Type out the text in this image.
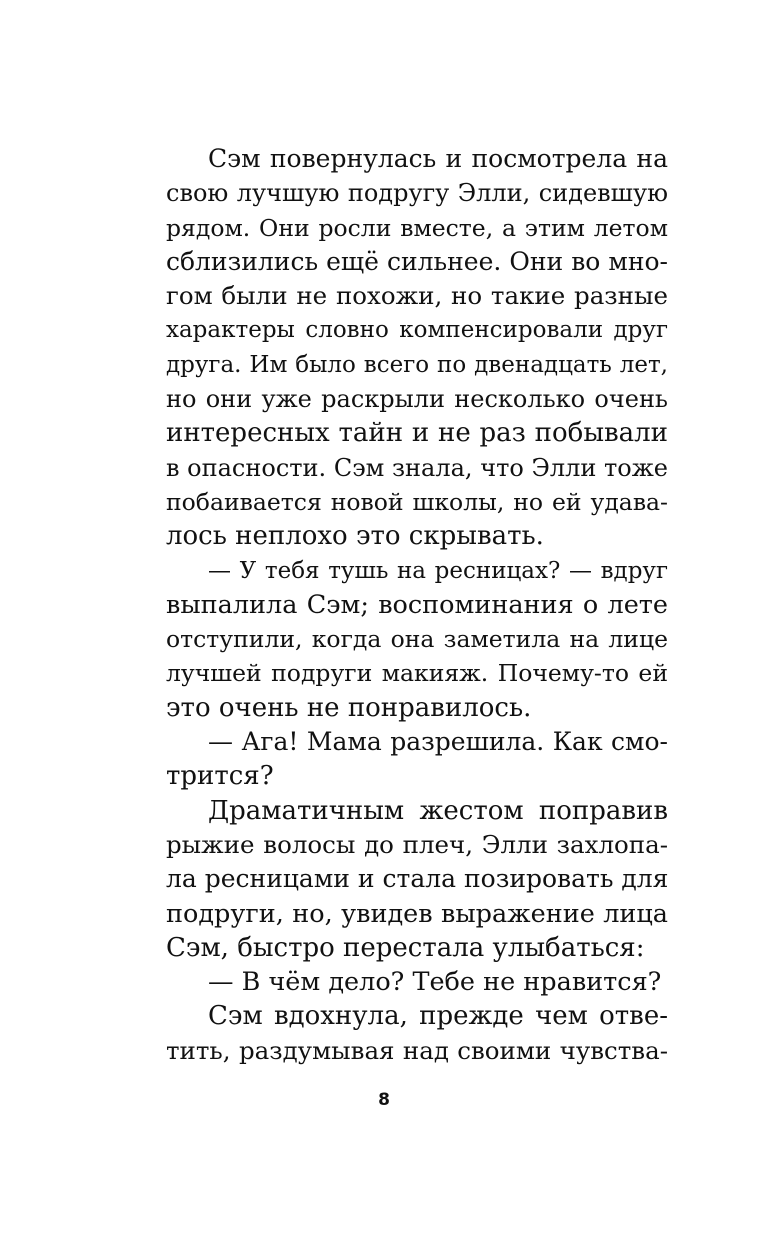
Сэм повернулась и посмотрела на
свою лучшую подругу Элли, сидевшую
рядом. Они росли вместе, а этим летом
сблизились ещё сильнее. Они во мно-
гом были не похожи, но такие разные
характеры словно компенсировали друг
друга. Им было всего по двенадцать лет,
но они уже раскрыли несколько очень
интересных тайн и не раз побывали
в опасности. Сэм знала, что Элли тоже
побаивается новой школы, но ей удава-
лось неплохо это скрывать.
— У тебя тушь на ресницах? — вдруг
выпалила Сэм; воспоминания о лете
отступили, когда она заметила на лице
лучшей подруги макияж. Почему-то ей
это очень не понравилось.
— Ага! Мама разрешила. Как смо-
трится?
Драматичным жестом поправив
рыжие волосы до плеч, Элли захлопа-
ла ресницами и стала позировать для
подруги, но, увидев выражение лица
Сэм, быстро перестала улыбаться:
— В чём дело? Тебе не нравится?
Сэм вдохнула, прежде чем отве-
тить, раздумывая над своими чувства-
8
